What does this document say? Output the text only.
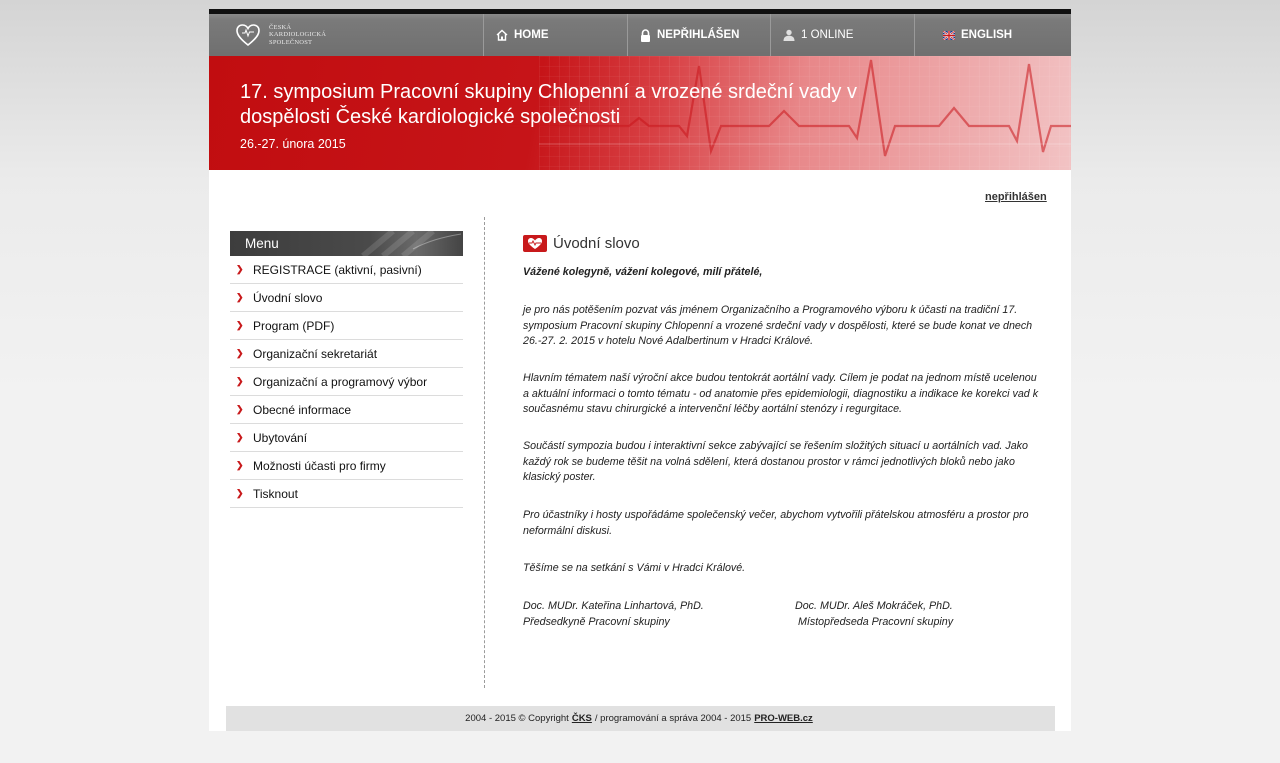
ČESKÁ
KARDIOLOGICKÁ
SPOLEČNOST
HOME	NEPŘIHLÁŠEN	1 ONLINE	ENGLISH
17. symposium Pracovní skupiny Chlopenní a vrozené srdeční vady v dospělosti České kardiologické společnosti
26.-27. února 2015
nepřihlášen
Menu
❯ REGISTRACE (aktivní, pasivní)
❯ Úvodní slovo
❯ Program (PDF)
❯ Organizační sekretariát
❯ Organizační a programový výbor
❯ Obecné informace
❯ Ubytování
❯ Možnosti účasti pro firmy
❯ Tisknout
Úvodní slovo

Vážené kolegyně, vážení kolegové, milí přátelé,

je pro nás potěšením pozvat vás jménem Organizačního a Programového výboru k účasti na tradiční 17. symposium Pracovní skupiny Chlopenní a vrozené srdeční vady v dospělosti, které se bude konat ve dnech 26.-27. 2. 2015 v hotelu Nové Adalbertinum v Hradci Králové.

Hlavním tématem naší výroční akce budou tentokrát aortální vady. Cílem je podat na jednom místě ucelenou a aktuální informaci o tomto tématu - od anatomie přes epidemiologii, diagnostiku a indikace ke korekci vad k současnému stavu chirurgické a intervenční léčby aortální stenózy i regurgitace.

Součástí sympozia budou i interaktivní sekce zabývající se řešením složitých situací u aortálních vad. Jako každý rok se budeme těšit na volná sdělení, která dostanou prostor v rámci jednotlivých bloků nebo jako klasický poster.

Pro účastníky i hosty uspořádáme společenský večer, abychom vytvořili přátelskou atmosféru a prostor pro neformální diskusi.

Těšíme se na setkání s Vámi v Hradci Králové.

Doc. MUDr. Kateřina Linhartová, PhD.
Předsedkyně Pracovní skupiny
Doc. MUDr. Aleš Mokráček, PhD.
Místopředseda Pracovní skupiny
2004 - 2015 © Copyright ČKS / programování a správa 2004 - 2015 PRO-WEB.cz
